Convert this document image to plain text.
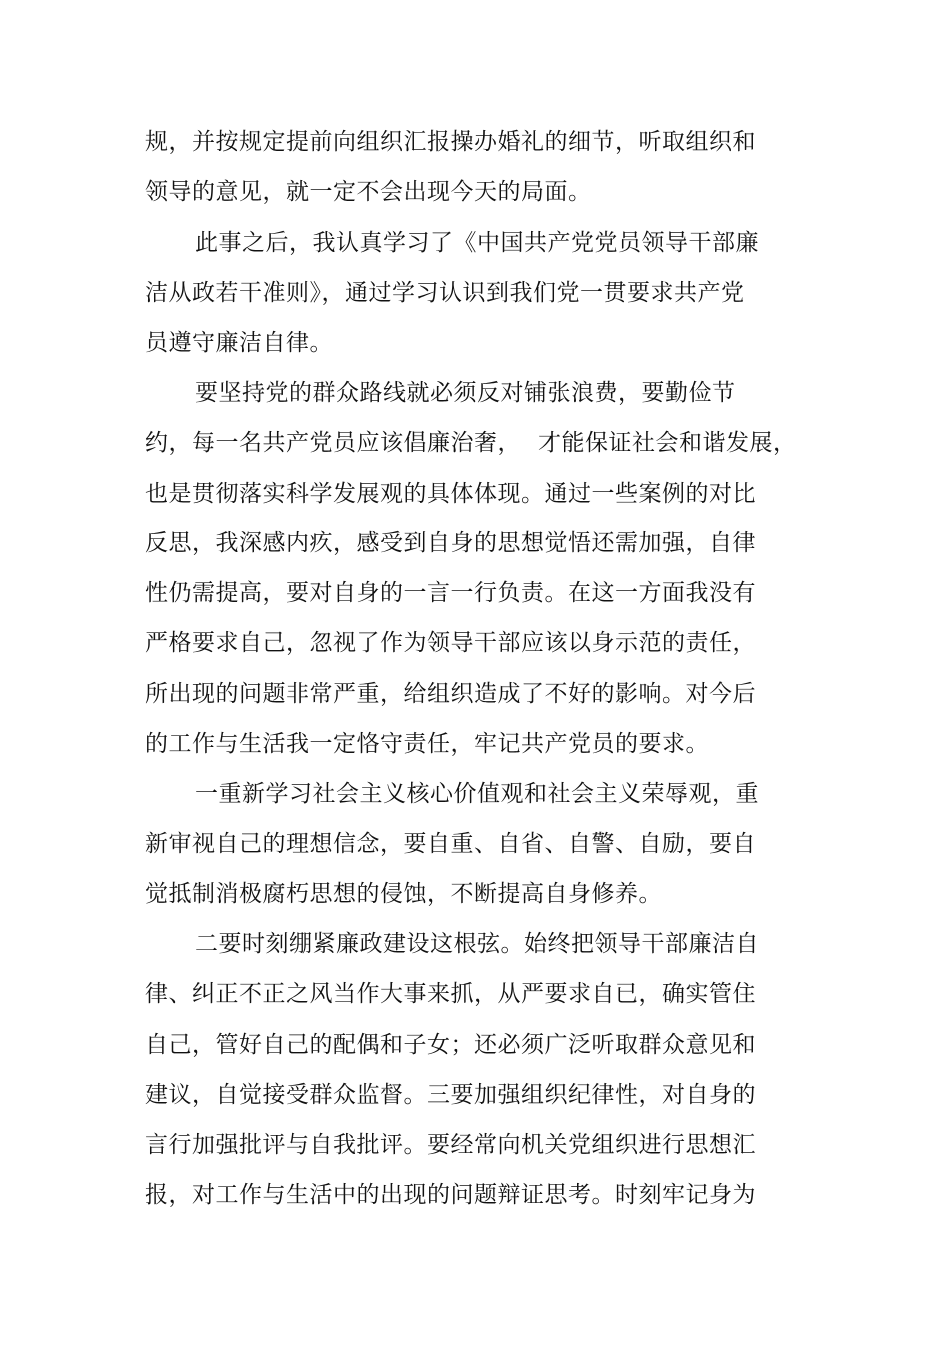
规，并按规定提前向组织汇报操办婚礼的细节，听取组织和
领导的意见，就一定不会出现今天的局面。
此事之后，我认真学习了《中国共产党党员领导干部廉
洁从政若干准则》，通过学习认识到我们党一贯要求共产党
员遵守廉洁自律。
要坚持党的群众路线就必须反对铺张浪费，要勤俭节
约，每一名共产党员应该倡廉治奢， 才能保证社会和谐发展，
也是贯彻落实科学发展观的具体体现。通过一些案例的对比
反思，我深感内疚，感受到自身的思想觉悟还需加强，自律
性仍需提高，要对自身的一言一行负责。在这一方面我没有
严格要求自己，忽视了作为领导干部应该以身示范的责任，
所出现的问题非常严重，给组织造成了不好的影响。对今后
的工作与生活我一定恪守责任，牢记共产党员的要求。
一重新学习社会主义核心价值观和社会主义荣辱观，重
新审视自己的理想信念，要自重、自省、自警、自励，要自
觉抵制消极腐朽思想的侵蚀，不断提高自身修养。
二要时刻绷紧廉政建设这根弦。始终把领导干部廉洁自
律、纠正不正之风当作大事来抓，从严要求自已，确实管住
自己，管好自己的配偶和子女；还必须广泛听取群众意见和
建议，自觉接受群众监督。三要加强组织纪律性，对自身的
言行加强批评与自我批评。要经常向机关党组织进行思想汇
报，对工作与生活中的出现的问题辩证思考。时刻牢记身为
